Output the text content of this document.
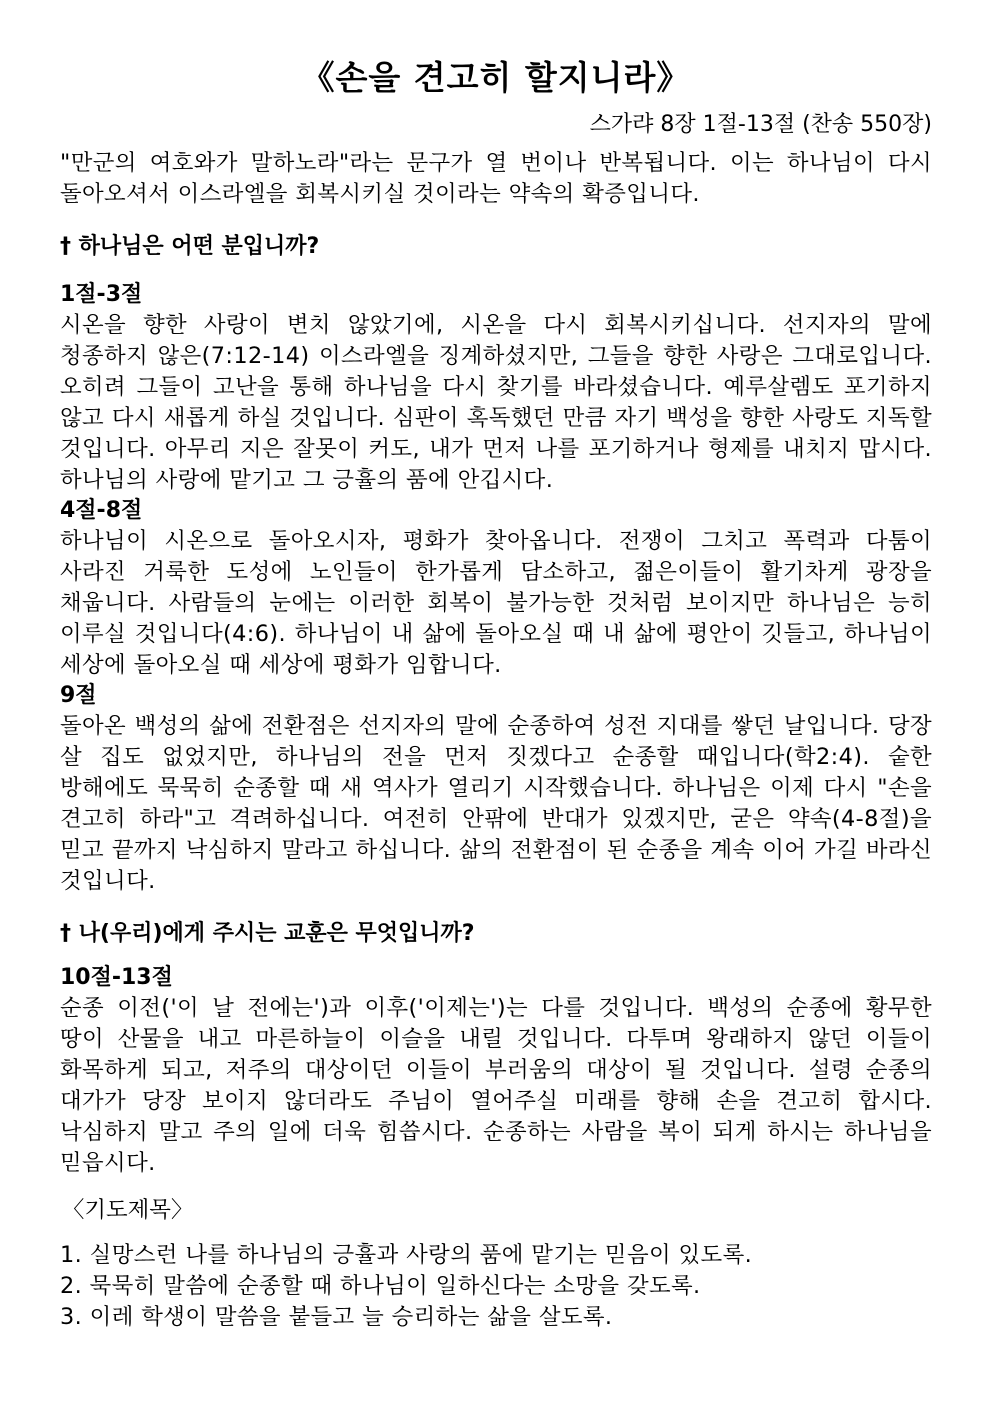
《손을 견고히 할지니라》
스가랴 8장 1절-13절 (찬송 550장)

"만군의 여호와가 말하노라"라는 문구가 열 번이나 반복됩니다. 이는 하나님이 다시 돌아오셔서 이스라엘을 회복시키실 것이라는 약속의 확증입니다.

† 하나님은 어떤 분입니까?
1절-3절

시온을 향한 사랑이 변치 않았기에, 시온을 다시 회복시키십니다. 선지자의 말에 청종하지 않은(7:12-14) 이스라엘을 징계하셨지만, 그들을 향한 사랑은 그대로입니다. 오히려 그들이 고난을 통해 하나님을 다시 찾기를 바라셨습니다. 예루살렘도 포기하지 않고 다시 새롭게 하실 것입니다. 심판이 혹독했던 만큼 자기 백성을 향한 사랑도 지독할 것입니다. 아무리 지은 잘못이 커도, 내가 먼저 나를 포기하거나 형제를 내치지 맙시다. 하나님의 사랑에 맡기고 그 긍휼의 품에 안깁시다.

4절-8절

하나님이 시온으로 돌아오시자, 평화가 찾아옵니다. 전쟁이 그치고 폭력과 다툼이 사라진 거룩한 도성에 노인들이 한가롭게 담소하고, 젊은이들이 활기차게 광장을 채웁니다. 사람들의 눈에는 이러한 회복이 불가능한 것처럼 보이지만 하나님은 능히 이루실 것입니다(4:6). 하나님이 내 삶에 돌아오실 때 내 삶에 평안이 깃들고, 하나님이 세상에 돌아오실 때 세상에 평화가 임합니다.

9절

돌아온 백성의 삶에 전환점은 선지자의 말에 순종하여 성전 지대를 쌓던 날입니다. 당장 살 집도 없었지만, 하나님의 전을 먼저 짓겠다고 순종할 때입니다(학2:4). 숱한 방해에도 묵묵히 순종할 때 새 역사가 열리기 시작했습니다. 하나님은 이제 다시 "손을 견고히 하라"고 격려하십니다. 여전히 안팎에 반대가 있겠지만, 굳은 약속(4-8절)을 믿고 끝까지 낙심하지 말라고 하십니다. 삶의 전환점이 된 순종을 계속 이어 가길 바라신 것입니다.

† 나(우리)에게 주시는 교훈은 무엇입니까?
10절-13절

순종 이전('이 날 전에는')과 이후('이제는')는 다를 것입니다. 백성의 순종에 황무한 땅이 산물을 내고 마른하늘이 이슬을 내릴 것입니다. 다투며 왕래하지 않던 이들이 화목하게 되고, 저주의 대상이던 이들이 부러움의 대상이 될 것입니다. 설령 순종의 대가가 당장 보이지 않더라도 주님이 열어주실 미래를 향해 손을 견고히 합시다. 낙심하지 말고 주의 일에 더욱 힘씁시다. 순종하는 사람을 복이 되게 하시는 하나님을 믿읍시다.

〈기도제목〉
1. 실망스런 나를 하나님의 긍휼과 사랑의 품에 맡기는 믿음이 있도록.
2. 묵묵히 말씀에 순종할 때 하나님이 일하신다는 소망을 갖도록.
3. 이레 학생이 말씀을 붙들고 늘 승리하는 삶을 살도록.
